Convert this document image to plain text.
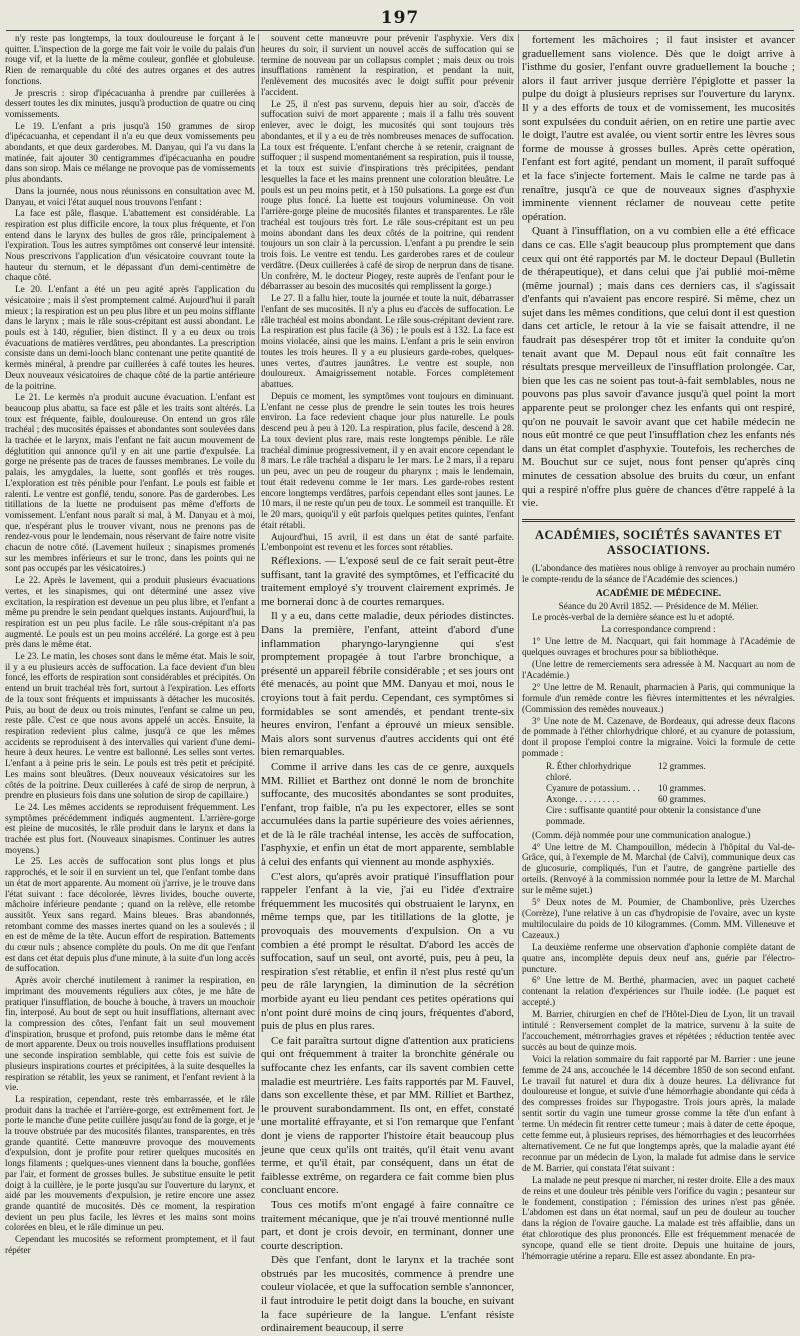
197

n'y reste pas longtemps, la toux douloureuse le forçant à le quitter. L'inspection de la gorge me fait voir le voile du palais d'un rouge vif, et la luette de la même couleur, gonflée et globuleuse. Rien de remarquable du côté des autres organes et des autres fonctions.

Je prescris : sirop d'ipécacuanha à prendre par cuillerées à dessert toutes les dix minutes, jusqu'à production de quatre ou cinq vomissements.

Le 19. L'enfant a pris jusqu'à 150 grammes de sirop d'ipécacuanha, et cependant il n'a eu que deux vomissements peu abondants, et que deux garderobes. M. Danyau, qui l'a vu dans la matinée, fait ajouter 30 centigrammes d'ipécacuanha en poudre dans son sirop. Mais ce mélange ne provoque pas de vomissements plus abondants.

Dans la journée, nous nous réunissons en consultation avec M. Danyau, et voici l'état auquel nous trouvons l'enfant :

La face est pâle, flasque. L'abattement est considérable. La respiration est plus difficile encore, la toux plus fréquente, et l'on entend dans le larynx des bulles de gros râle, principalement à l'expiration. Tous les autres symptômes ont conservé leur intensité. Nous prescrivons l'application d'un vésicatoire couvrant toute la hauteur du sternum, et le dépassant d'un demi-centimètre de chaque côté.

Le 20. L'enfant a été un peu agité après l'application du vésicatoire ; mais il s'est promptement calmé. Aujourd'hui il paraît mieux ; la respiration est un peu plus libre et un peu moins sifflante dans le larynx ; mais le râle sous-crépitant est aussi abondant. Le pouls est à 140, régulier, bien distinct. Il y a eu deux ou trois évacuations de matières verdâtres, peu abondantes. La prescription consiste dans un demi-looch blanc contenant une petite quantité de kermès minéral, à prendre par cuillerées à café toutes les heures. Deux nouveaux vésicatoires de chaque côté de la partie antérieure de la poitrine.

Le 21. Le kermès n'a produit aucune évacuation. L'enfant est beaucoup plus abattu, sa face est pâle et les traits sont altérés. La toux est fréquente, faible, douloureuse. On entend un gros râle trachéal ; des mucosités épaisses et abondantes sont soulevées dans la trachée et le larynx, mais l'enfant ne fait aucun mouvement de déglutition qui annonce qu'il y en ait une partie d'expulsée. La gorge ne présente pas de traces de fausses membranes. Le voile du palais, les amygdales, la luette, sont gonflés et très rouges. L'exploration est très pénible pour l'enfant. Le pouls est faible et ralenti. Le ventre est gonflé, tendu, sonore. Pas de garderobes. Les titillations de la luette ne produisent pas même d'efforts de vomissement. L'enfant nous paraît si mal, à M. Danyau et à moi, que, n'espérant plus le trouver vivant, nous ne prenons pas de rendez-vous pour le lendemain, nous réservant de faire notre visite chacun de notre côté. (Lavement huileux ; sinapismes promenés sur les membres inférieurs et sur le tronc, dans les points qui ne sont pas occupés par les vésicatoires.)

Le 22. Après le lavement, qui a produit plusieurs évacuations vertes, et les sinapismes, qui ont déterminé une assez vive excitation, la respiration est devenue un peu plus libre, et l'enfant a même pu prendre le sein pendant quelques instants. Aujourd'hui, la respiration est un peu plus facile. Le râle sous-crépitant n'a pas augmenté. Le pouls est un peu moins accéléré. La gorge est à peu près dans le même état.

Le 23. Le matin, les choses sont dans le même état. Mais le soir, il y a eu plusieurs accès de suffocation. La face devient d'un bleu foncé, les efforts de respiration sont considérables et précipités. On entend un bruit trachéal très fort, surtout à l'expiration. Les efforts de la toux sont fréquents et impuissants à détacher les mucosités. Puis, au bout de deux ou trois minutes, l'enfant se calme un peu, reste pâle. C'est ce que nous avons appelé un accès. Ensuite, la respiration redevient plus calme, jusqu'à ce que les mêmes accidents se reproduisent à des intervalles qui varient d'une demi-heure à deux heures. Le ventre est ballonné. Les selles sont vertes. L'enfant a à peine pris le sein. Le pouls est très petit et précipité. Les mains sont bleuâtres. (Deux nouveaux vésicatoires sur les côtés de la poitrine. Deux cuillerées à café de sirop de nerprun, à prendre en plusieurs fois dans une solution de sirop de capillaire.)

Le 24. Les mêmes accidents se reproduisent fréquemment. Les symptômes précédemment indiqués augmentent. L'arrière-gorge est pleine de mucosités, le râle produit dans le larynx et dans la trachée est plus fort. (Nouveaux sinapismes. Continuer les autres moyens.)

Le 25. Les accès de suffocation sont plus longs et plus rapprochés, et le soir il en survient un tel, que l'enfant tombe dans un état de mort apparente. Au moment où j'arrive, je le trouve dans l'état suivant : face décolorée, lèvres livides, bouche ouverte, mâchoire inférieure pendante ; quand on la relève, elle retombe aussitôt. Yeux sans regard. Mains bleues. Bras abandonnés, retombant comme des masses inertes quand on les a soulevés ; il en est de même de la tête. Aucun effort de respiration. Battements du cœur nuls ; absence complète du pouls. On me dit que l'enfant est dans cet état depuis plus d'une minute, à la suite d'un long accès de suffocation.

Après avoir cherché inutilement à ranimer la respiration, en imprimant des mouvements réguliers aux côtes, je me hâte de pratiquer l'insufflation, de bouche à bouche, à travers un mouchoir fin, interposé. Au bout de sept ou huit insufflations, alternant avec la compression des côtes, l'enfant fait un seul mouvement d'inspiration, brusque et profond, puis retombe dans le même état de mort apparente. Deux ou trois nouvelles insufflations produisent une seconde inspiration semblable, qui cette fois est suivie de plusieurs inspirations courtes et précipitées, à la suite desquelles la respiration se rétablit, les yeux se raniment, et l'enfant revient à la vie.

La respiration, cependant, reste très embarrassée, et le râle produit dans la trachée et l'arrière-gorge, est extrêmement fort. Je porte le manche d'une petite cuillère jusqu'au fond de la gorge, et je la trouve obstruée par des mucosités filantes, transparentes, en très grande quantité. Cette manœuvre provoque des mouvements d'expulsion, dont je profite pour retirer quelques mucosités en longs filaments ; quelques-unes viennent dans la bouche, gonflées par l'air, et forment de grosses bulles. Je substitue ensuite le petit doigt à la cuillère, je le porte jusqu'au sur l'ouverture du larynx, et aidé par les mouvements d'expulsion, je retire encore une assez grande quantité de mucosités. Dès ce moment, la respiration devient un peu plus facile, les lèvres et les mains sont moins colorées en bleu, et le râle diminue un peu.

Cependant les mucosités se reforment promptement, et il faut répéter

souvent cette manœuvre pour prévenir l'asphyxie. Vers dix heures du soir, il survient un nouvel accès de suffocation qui se termine de nouveau par un collapsus complet ; mais deux ou trois insufflations ramènent la respiration, et pendant la nuit, l'enlèvement des mucosités avec le doigt suffit pour prévenir l'accident.

Le 25, il n'est pas survenu, depuis hier au soir, d'accès de suffocation suivi de mort apparente ; mais il a fallu très souvent enlever, avec le doigt, les mucosités qui sont toujours très abondantes, et il y a eu de très nombreuses menaces de suffocation. La toux est fréquente. L'enfant cherche à se retenir, craignant de suffoquer ; il suspend momentanément sa respiration, puis il tousse, et la toux est suivie d'inspirations très précipitées, pendant lesquelles la face et les mains prennent une coloration bleuâtre. Le pouls est un peu moins petit, et à 150 pulsations. La gorge est d'un rouge plus foncé. La luette est toujours volumineuse. On voit l'arrière-gorge pleine de mucosités filantes et transparentes. Le râle trachéal est toujours très fort. Le râle sous-crépitant est un peu moins abondant dans les deux côtés de la poitrine, qui rendent toujours un son clair à la percussion. L'enfant a pu prendre le sein trois fois. Le ventre est tendu. Les garderobes rares et de couleur verdâtre. (Deux cuillerées à café de sirop de nerprun dans de tisane. Un confrère, M. le docteur Piogey, reste auprès de l'enfant pour le débarrasser au besoin des mucosités qui remplissent la gorge.)

Le 27. Il a fallu hier, toute la journée et toute la nuit, débarrasser l'enfant de ses mucosités. Il n'y a plus eu d'accès de suffocation. Le râle trachéal est moins abondant. Le râle sous-crépitant devient rare. La respiration est plus facile (à 36) ; le pouls est à 132. La face est moins violacée, ainsi que les mains. L'enfant a pris le sein environ toutes les trois heures. Il y a eu plusieurs garde-robes, quelques-unes vertes, d'autres jaunâtres. Le ventre est souple, non douloureux. Amaigrissement notable. Forces complètement abattues.

Depuis ce moment, les symptômes vont toujours en diminuant. L'enfant ne cesse plus de prendre le sein toutes les trois heures environ. La face redevient chaque jour plus naturelle. Le pouls descend peu à peu à 120. La respiration, plus facile, descend à 28. La toux devient plus rare, mais reste longtemps pénible. Le râle trachéal diminue progressivement, il y en avait encore cependant le 8 mars. Le râle trachéal a disparu le 1er mars. Le 2 mars, il a reparu un peu, avec un peu de rougeur du pharynx ; mais le lendemain, tout était redevenu comme le 1er mars. Les garde-robes restent encore longtemps verdâtres, parfois cependant elles sont jaunes. Le 10 mars, il ne reste qu'un peu de toux. Le sommeil est tranquille. Et le 20 mars, quoiqu'il y eût parfois quelques petites quintes, l'enfant était rétabli.

Aujourd'hui, 15 avril, il est dans un état de santé parfaite. L'embonpoint est revenu et les forces sont rétablies.

Réflexions. — L'exposé seul de ce fait serait peut-être suffisant, tant la gravité des symptômes, et l'efficacité du traitement employé s'y trouvent clairement exprimés. Je me bornerai donc à de courtes remarques.

Il y a eu, dans cette maladie, deux périodes distinctes. Dans la première, l'enfant, atteint d'abord d'une inflammation pharyngo-laryngienne qui s'est promptement propagée à tout l'arbre bronchique, a présenté un appareil fébrile considérable ; et ses jours ont été menacés, au point que MM. Danyau et moi, nous le croyions tout à fait perdu. Cependant, ces symptômes si formidables se sont amendés, et pendant trente-six heures environ, l'enfant a éprouvé un mieux sensible. Mais alors sont survenus d'autres accidents qui ont été bien remarquables.

Comme il arrive dans les cas de ce genre, auxquels MM. Rilliet et Barthez ont donné le nom de bronchite suffocante, des mucosités abondantes se sont produites, l'enfant, trop faible, n'a pu les expectorer, elles se sont accumulées dans la partie supérieure des voies aériennes, et de là le râle trachéal intense, les accès de suffocation, l'asphyxie, et enfin un état de mort apparente, semblable à celui des enfants qui viennent au monde asphyxiés.

C'est alors, qu'après avoir pratiqué l'insufflation pour rappeler l'enfant à la vie, j'ai eu l'idée d'extraire fréquemment les mucosités qui obstruaient le larynx, en même temps que, par les titillations de la glotte, je provoquais des mouvements d'expulsion. On a vu combien a été prompt le résultat. D'abord les accès de suffocation, sauf un seul, ont avorté, puis, peu à peu, la respiration s'est rétablie, et enfin il n'est plus resté qu'un peu de râle laryngien, la diminution de la sécrétion morbide ayant eu lieu pendant ces petites opérations qui n'ont point duré moins de cinq jours, fréquentes d'abord, puis de plus en plus rares.

Ce fait paraîtra surtout digne d'attention aux praticiens qui ont fréquemment à traiter la bronchite générale ou suffocante chez les enfants, car ils savent combien cette maladie est meurtrière. Les faits rapportés par M. Fauvel, dans son excellente thèse, et par MM. Rilliet et Barthez, le prouvent surabondamment. Ils ont, en effet, constaté une mortalité effrayante, et si l'on remarque que l'enfant dont je viens de rapporter l'histoire était beaucoup plus jeune que ceux qu'ils ont traités, qu'il était venu avant terme, et qu'il était, par conséquent, dans un état de faiblesse extrême, on regardera ce fait comme bien plus concluant encore.

Tous ces motifs m'ont engagé à faire connaître ce traitement mécanique, que je n'ai trouvé mentionné nulle part, et dont je crois devoir, en terminant, donner une courte description.

Dès que l'enfant, dont le larynx et la trachée sont obstrués par les mucosités, commence à prendre une couleur violacée, et que la suffocation semble s'annoncer, il faut introduire le petit doigt dans la bouche, en suivant la face supérieure de la langue. L'enfant résiste ordinairement beaucoup, il serre

fortement les mâchoires ; il faut insister et avancer graduellement sans violence. Dès que le doigt arrive à l'isthme du gosier, l'enfant ouvre graduellement la bouche ; alors il faut arriver jusque derrière l'épiglotte et passer la pulpe du doigt à plusieurs reprises sur l'ouverture du larynx. Il y a des efforts de toux et de vomissement, les mucosités sont expulsées du conduit aérien, on en retire une partie avec le doigt, l'autre est avalée, ou vient sortir entre les lèvres sous forme de mousse à grosses bulles. Après cette opération, l'enfant est fort agité, pendant un moment, il paraît suffoqué et la face s'injecte fortement. Mais le calme ne tarde pas à renaître, jusqu'à ce que de nouveaux signes d'asphyxie imminente viennent réclamer de nouveau cette petite opération.

Quant à l'insufflation, on a vu combien elle a été efficace dans ce cas. Elle s'agit beaucoup plus promptement que dans ceux qui ont été rapportés par M. le docteur Depaul (Bulletin de thérapeutique), et dans celui que j'ai publié moi-même (même journal) ; mais dans ces derniers cas, il s'agissait d'enfants qui n'avaient pas encore respiré. Si même, chez un sujet dans les mêmes conditions, que celui dont il est question dans cet article, le retour à la vie se faisait attendre, il ne faudrait pas désespérer trop tôt et imiter la conduite qu'on tenait avant que M. Depaul nous eût fait connaître les résultats presque merveilleux de l'insufflation prolongée. Car, bien que les cas ne soient pas tout-à-fait semblables, nous ne pouvons pas plus savoir d'avance jusqu'à quel point la mort apparente peut se prolonger chez les enfants qui ont respiré, qu'on ne pouvait le savoir avant que cet habile médecin ne nous eût montré ce que peut l'insufflation chez les enfants nés dans un état complet d'asphyxie. Toutefois, les recherches de M. Bouchut sur ce sujet, nous font penser qu'après cinq minutes de cessation absolue des bruits du cœur, un enfant qui a respiré n'offre plus guère de chances d'être rappelé à la vie.

ACADÉMIES, SOCIÉTÉS SAVANTES ET ASSOCIATIONS.

(L'abondance des matières nous oblige à renvoyer au prochain numéro le compte-rendu de la séance de l'Académie des sciences.)

ACADÉMIE DE MÉDECINE.

Séance du 20 Avril 1852. — Présidence de M. Mélier.

Le procès-verbal de la dernière séance est lu et adopté.

La correspondance comprend :

1° Une lettre de M. Nacquart, qui fait hommage à l'Académie de quelques ouvrages et brochures pour sa bibliothèque.

(Une lettre de remerciements sera adressée à M. Nacquart au nom de l'Académie.)

2° Une lettre de M. Renault, pharmacien à Paris, qui communique la formule d'un remède contre les fièvres intermittentes et les névralgies. (Commission des remèdes nouveaux.)

3° Une note de M. Cazenave, de Bordeaux, qui adresse deux flacons de pommade à l'éther chlorhydrique chloré, et au cyanure de potassium, dont il propose l'emploi contre la migraine. Voici la formule de cette pommade :

R. Éther chlorhydrique chloré.
12 grammes.
Cyanure de potassium. . .	10 grammes.
Axonge. . . . . . . . . .	60 grammes.
Cire : suffisante quantité pour obtenir la consistance d'une pommade.

(Comm. déjà nommée pour une communication analogue.)

4° Une lettre de M. Champouillon, médecin à l'hôpital du Val-de-Grâce, qui, à l'exemple de M. Marchal (de Calvi), communique deux cas de glucosurie, compliqués, l'un et l'autre, de gangrène partielle des orteils. (Renvoyé à la commission nommée pour la lettre de M. Marchal sur le même sujet.)

5° Deux notes de M. Poumier, de Chambonlive, près Uzerches (Corrèze), l'une relative à un cas d'hydropisie de l'ovaire, avec un kyste multiloculaire du poids de 10 kilogrammes. (Comm. MM. Villeneuve et Cazeaux.)

La deuxième renferme une observation d'aphonie complète datant de quatre ans, incomplète depuis deux neuf ans, guérie par l'électro-puncture.

6° Une lettre de M. Berthé, pharmacien, avec un paquet cacheté contenant la relation d'expériences sur l'huile iodée. (Le paquet est accepté.)

M. Barrier, chirurgien en chef de l'Hôtel-Dieu de Lyon, lit un travail intitulé : Renversement complet de la matrice, survenu à la suite de l'accouchement, métrorrhagies graves et répétées ; réduction tentée avec succès au bout de quinze mois.

Voici la relation sommaire du fait rapporté par M. Barrier : une jeune femme de 24 ans, accouchée le 14 décembre 1850 de son second enfant. Le travail fut naturel et dura dix à douze heures. La délivrance fut douloureuse et longue, et suivie d'une hémorrhagie abondante qui céda à des compresses froides sur l'hypogastre. Trois jours après, la malade sentit sortir du vagin une tumeur grosse comme la tête d'un enfant à terme. Un médecin fit rentrer cette tumeur ; mais à dater de cette époque, cette femme eut, à plusieurs reprises, des hémorrhagies et des leucorrhées alternativement. Ce ne fut que longtemps après, que la maladie ayant été reconnue par un médecin de Lyon, la malade fut admise dans le service de M. Barrier, qui constata l'état suivant :

La malade ne peut presque ni marcher, ni rester droite. Elle a des maux de reins et une douleur très pénible vers l'orifice du vagin ; pesanteur sur le fondement, constipation ; l'émission des urines n'est pas gênée. L'abdomen est dans un état normal, sauf un peu de douleur au toucher dans la région de l'ovaire gauche. La malade est très affaiblie, dans un état chlorotique des plus prononcés. Elle est fréquemment menacée de syncope, quand elle se tient droite. Depuis une huitaine de jours, l'hémorragie utérine a reparu. Elle est assez abondante. En pra-
